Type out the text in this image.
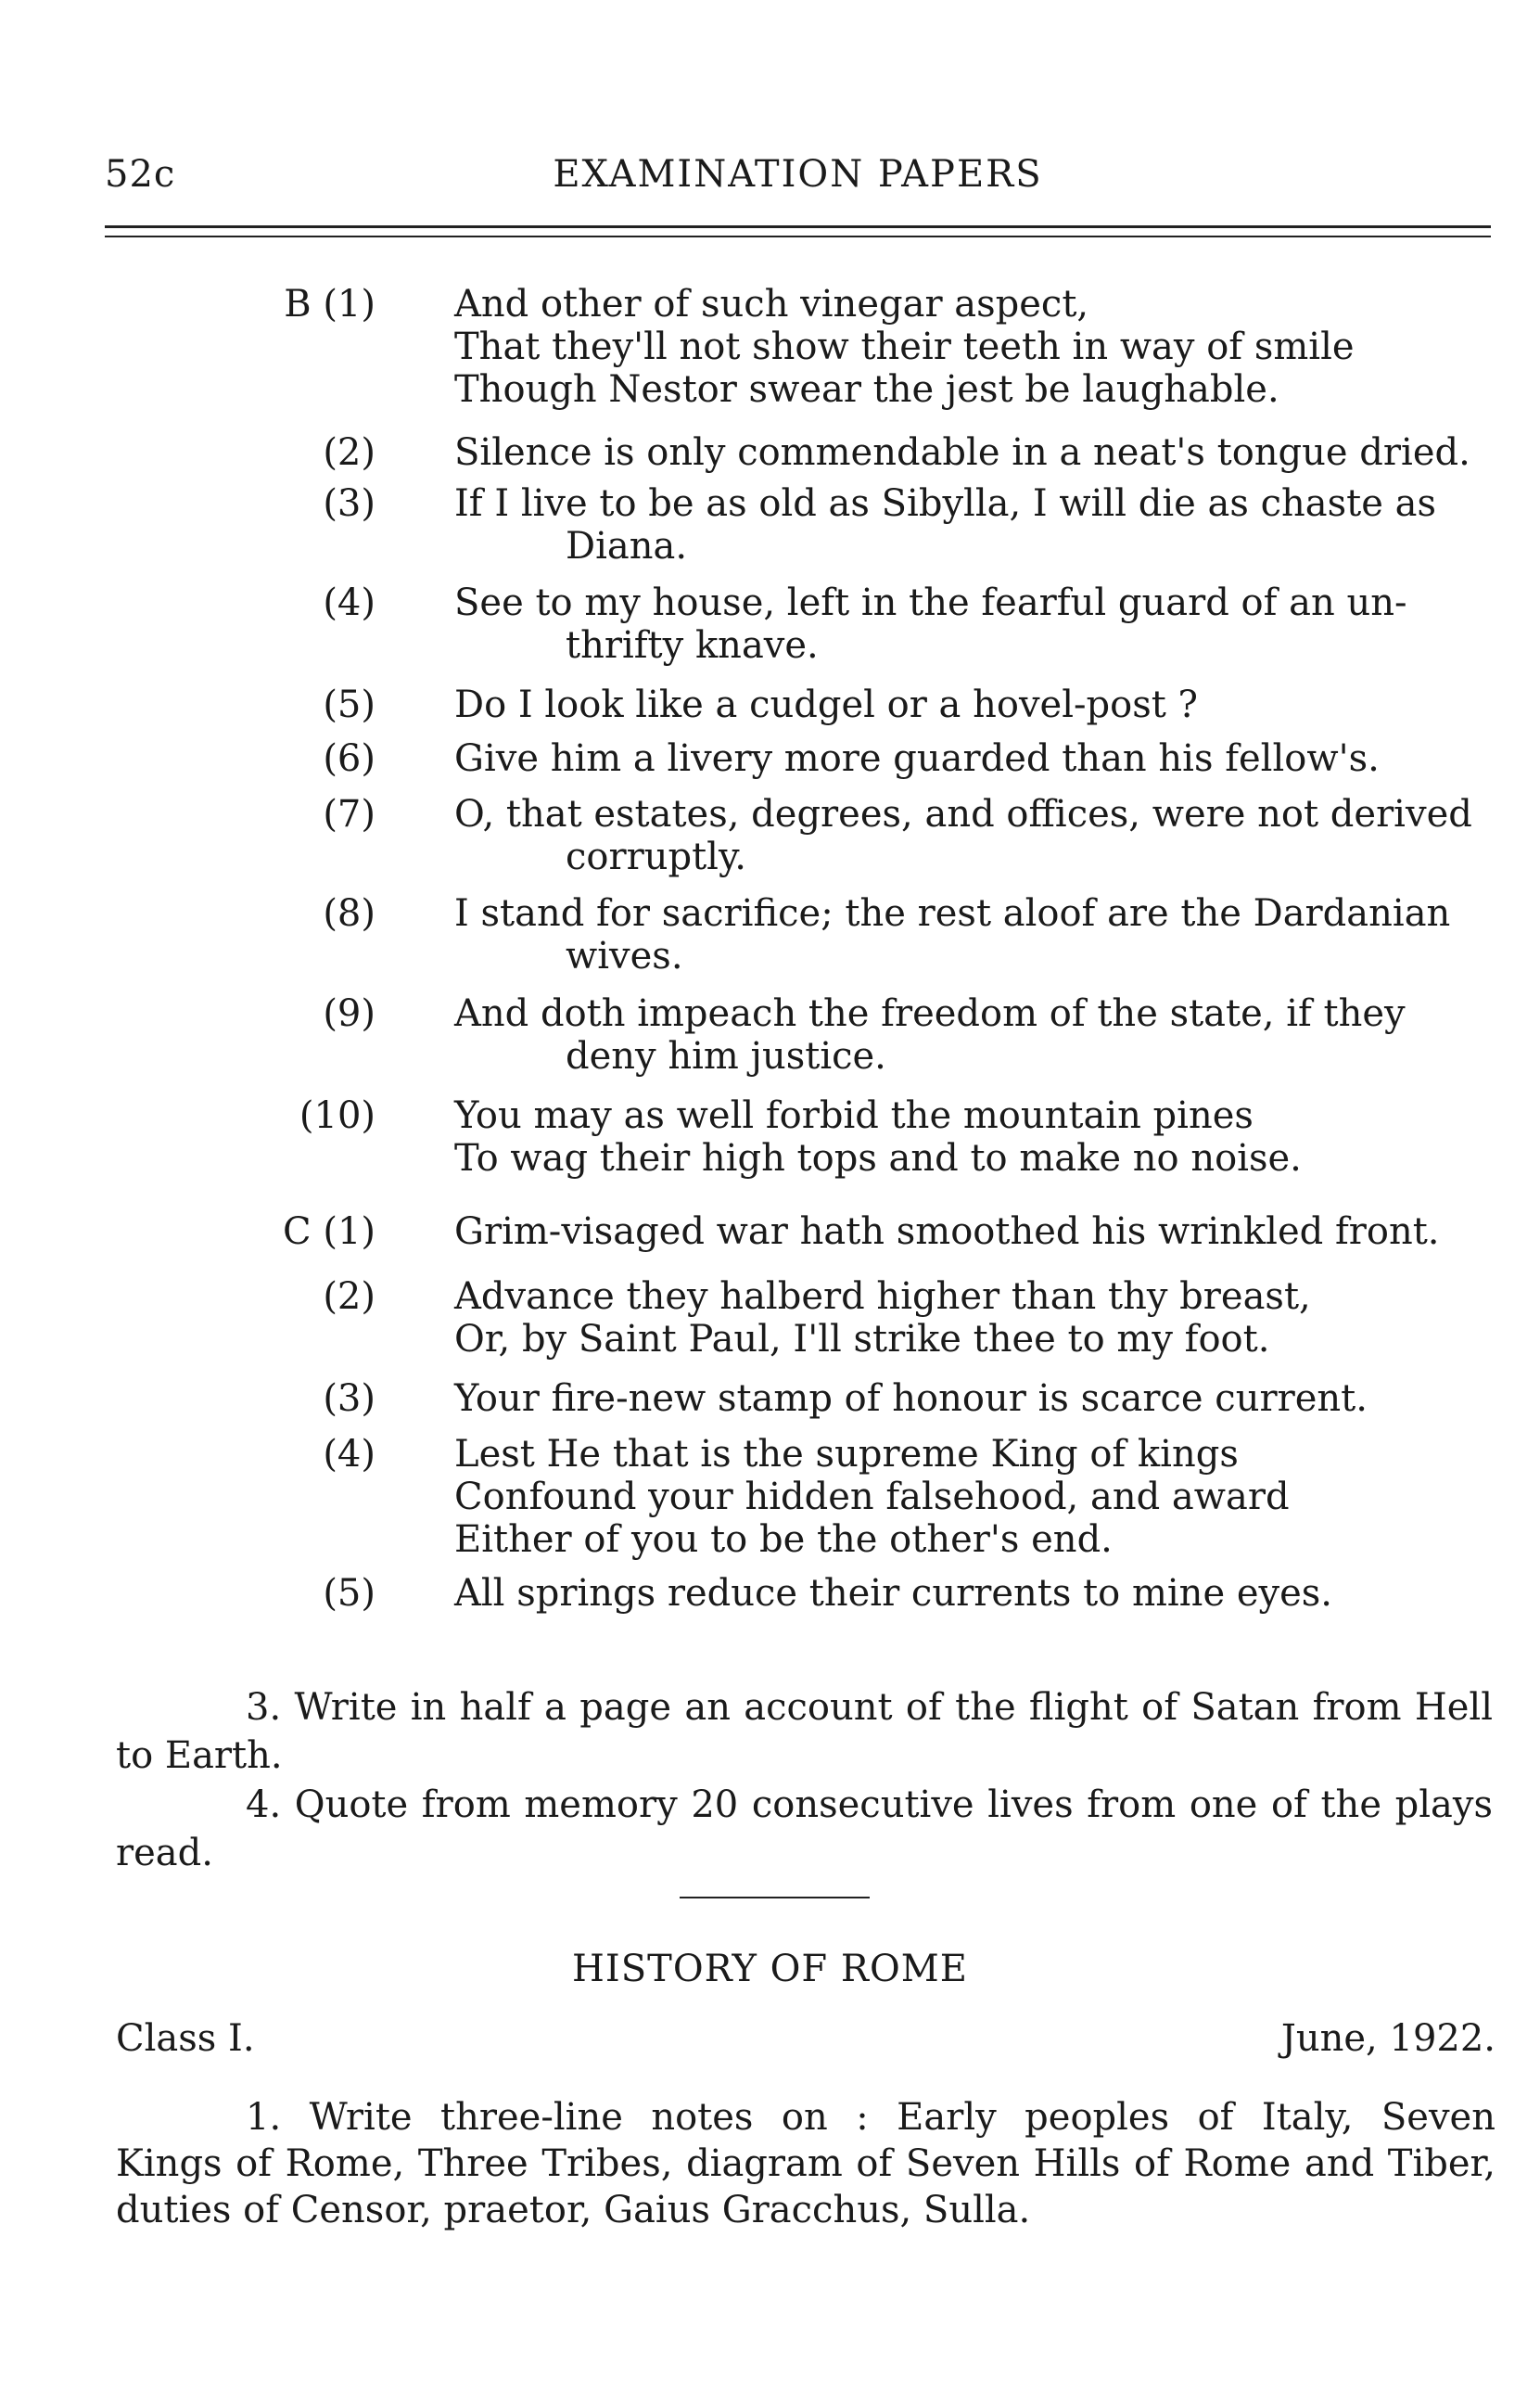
52c	EXAMINATION PAPERS
B (1) And other of such vinegar aspect,
That they'll not show their teeth in way of smile
Though Nestor swear the jest be laughable.
(2) Silence is only commendable in a neat's tongue dried.
(3) If I live to be as old as Sibylla, I will die as chaste as
Diana.
(4) See to my house, left in the fearful guard of an un-
thrifty knave.
(5) Do I look like a cudgel or a hovel-post ?
(6) Give him a livery more guarded than his fellow's.
(7) O, that estates, degrees, and offices, were not derived
corruptly.
(8) I stand for sacrifice; the rest aloof are the Dardanian
wives.
(9) And doth impeach the freedom of the state, if they
deny him justice.
(10) You may as well forbid the mountain pines
To wag their high tops and to make no noise.
C (1) Grim-visaged war hath smoothed his wrinkled front.
(2) Advance they halberd higher than thy breast,
Or, by Saint Paul, I'll strike thee to my foot.
(3) Your fire-new stamp of honour is scarce current.
(4) Lest He that is the supreme King of kings
Confound your hidden falsehood, and award
Either of you to be the other's end.
(5) All springs reduce their currents to mine eyes.
3. Write in half a page an account of the flight of Satan from Hell
to Earth.
4. Quote from memory 20 consecutive lives from one of the plays
read.
HISTORY OF ROME
Class I.	June, 1922.
1. Write three-line notes on : Early peoples of Italy, Seven
Kings of Rome, Three Tribes, diagram of Seven Hills of Rome and Tiber,
duties of Censor, praetor, Gaius Gracchus, Sulla.
